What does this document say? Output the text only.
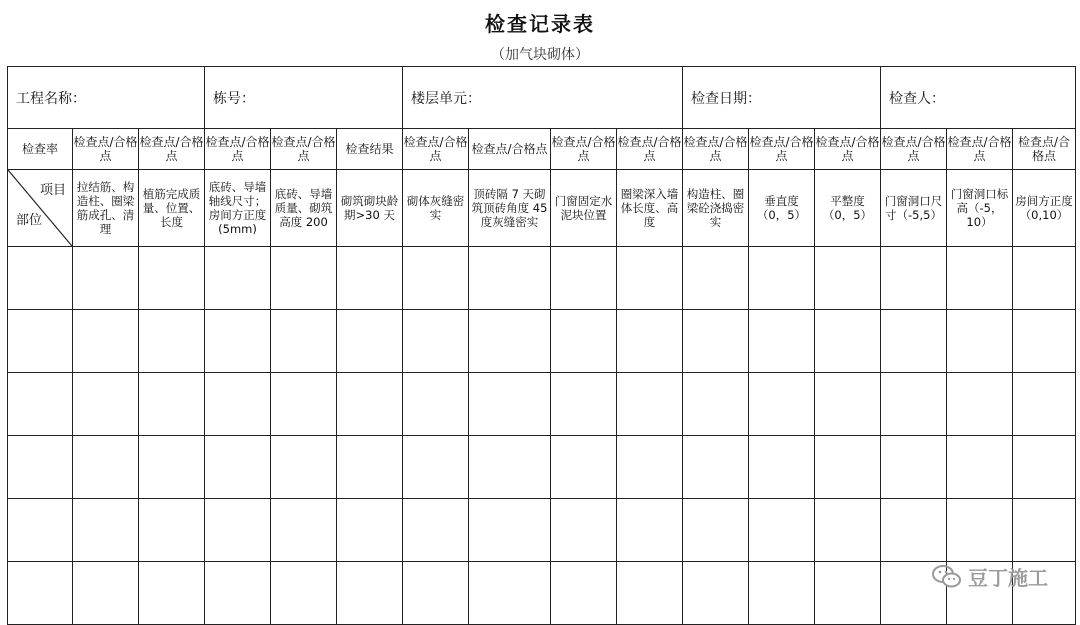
检查记录表
（加气块砌体）
工程名称：			栋号：			楼层单元：				检查日期：			检查人：		
检查率	检查点/合格点	检查点/合格点	检查点/合格点	检查点/合格点	检查结果	检查点/合格点	检查点/合格点	检查点/合格点	检查点/合格点	检查点/合格点	检查点/合格点	检查点/合格点	检查点/合格点	检查点/合格点	检查点/合格点

项目
部位	拉结筋、构造柱、圈梁筋成孔、清理	植筋完成质量、位置、长度	底砖、导墙轴线尺寸；房间方正度(5mm)	底砖、导墙质量、砌筑高度 200	砌筑砌块龄期>30 天	砌体灰缝密实	顶砖隔 7 天砌筑顶砖角度 45 度灰缝密实	门窗固定水泥块位置	圈梁深入墙体长度、高度	构造柱、圈梁砼浇捣密实	垂直度（0，5）	平整度（0，5）	门窗洞口尺寸（-5,5）	门窗洞口标高（-5，10）	房间方正度（0,10）

豆丁施工
